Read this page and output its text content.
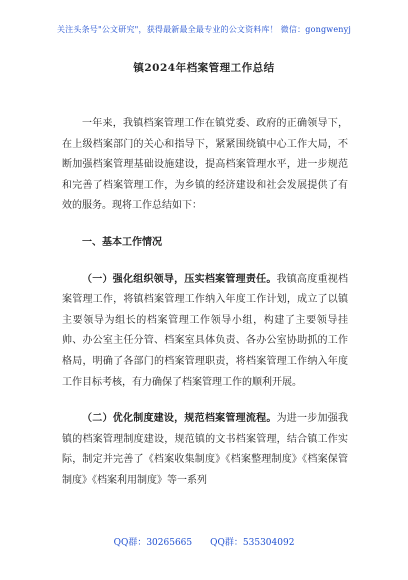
关注头条号"公文研究"，获得最新最全最专业的公文资料库！ 微信：gongwenyj
镇2024年档案管理工作总结

一年来，我镇档案管理工作在镇党委、政府的正确领导下，在上级档案部门的关心和指导下，紧紧围绕镇中心工作大局，不断加强档案管理基础设施建设，提高档案管理水平，进一步规范和完善了档案管理工作，为乡镇的经济建设和社会发展提供了有效的服务。现将工作总结如下：

一、基本工作情况

（一）强化组织领导，压实档案管理责任。我镇高度重视档案管理工作，将镇档案管理工作纳入年度工作计划，成立了以镇主要领导为组长的档案管理工作领导小组，构建了主要领导挂帅、办公室主任分管、档案室具体负责、各办公室协助抓的工作格局，明确了各部门的档案管理职责，将档案管理工作纳入年度工作目标考核，有力确保了档案管理工作的顺利开展。

（二）优化制度建设，规范档案管理流程。为进一步加强我镇的档案管理制度建设，规范镇的文书档案管理，结合镇工作实际，制定并完善了《档案收集制度》《档案整理制度》《档案保管制度》《档案利用制度》等一系列

QQ群：30265665 QQ群：535304092
